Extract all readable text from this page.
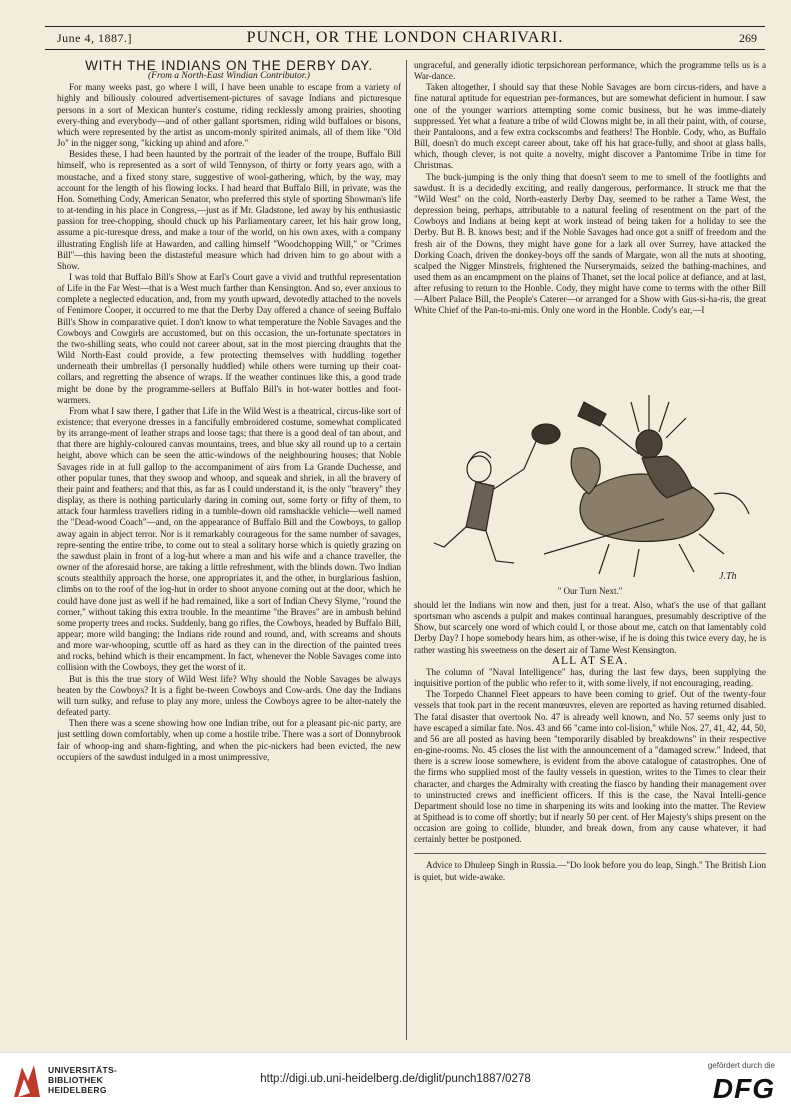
June 4, 1887.]	PUNCH, OR THE LONDON CHARIVARI.	269

WITH THE INDIANS ON THE DERBY DAY.

(From a North-East Windian Contributor.)

For many weeks past, go where I will, I have been unable to escape from a variety of highly and biliously coloured advertisement-pictures of savage Indians and picturesque persons in a sort of Mexican hunter's costume, riding recklessly among prairies, shooting every-thing and everybody—and of other gallant sportsmen, riding wild buffaloes or bisons, which were represented by the artist as uncom-monly spirited animals, all of them like "Old Jo" in the nigger song, "kicking up ahind and afore."

Besides these, I had been haunted by the portrait of the leader of the troupe, Buffalo Bill himself, who is represented as a sort of wild Tennyson, of thirty or forty years ago, with a moustache, and a fixed stony stare, suggestive of wool-gathering, which, by the way, may account for the length of his flowing locks. I had heard that Buffalo Bill, in private, was the Hon. Something Cody, American Senator, who preferred this style of sporting Showman's life to at-tending in his place in Congress,—just as if Mr. Gladstone, led away by his enthusiastic passion for tree-chopping, should chuck up his Parliamentary career, let his hair grow long, assume a pic-turesque dress, and make a tour of the world, on his own axes, with a company illustrating English life at Hawarden, and calling himself "Woodchopping Will," or "Crimes Bill"—this having been the distasteful measure which had driven him to go about with a Show.

I was told that Buffalo Bill's Show at Earl's Court gave a vivid and truthful representation of Life in the Far West—that is a West much farther than Kensington. And so, ever anxious to complete a neglected education, and, from my youth upward, devotedly attached to the novels of Fenimore Cooper, it occurred to me that the Derby Day offered a chance of seeing Buffalo Bill's Show in comparative quiet. I don't know to what temperature the Noble Savages and the Cowboys and Cowgirls are accustomed, but on this occasion, the un-fortunate spectators in the two-shilling seats, who could not career about, sat in the most piercing draughts that the Wild North-East could provide, a few protecting themselves with huddling together underneath their umbrellas (I personally huddled) while others were turning up their coat-collars, and regretting the absence of wraps. If the weather continues like this, a good trade might be done by the programme-sellers at Buffalo Bill's in hot-water bottles and foot-warmers.

From what I saw there, I gather that Life in the Wild West is a theatrical, circus-like sort of existence; that everyone dresses in a fancifully embroidered costume, somewhat complicated by its arrange-ment of leather straps and loose tags; that there is a good deal of tan about, and that there are highly-coloured canvas mountains, trees, and blue sky all round up to a certain height, above which can be seen the attic-windows of the neighbouring houses; that Noble Savages ride in at full gallop to the accompaniment of airs from La Grande Duchesse, and other popular tunes, that they swoop and whoop, and squeak and shriek, in all the bravery of their paint and feathers; and that this, as far as I could understand it, is the only "bravery" they display, as there is nothing particularly daring in coming out, some forty or fifty of them, to attack four harmless travellers riding in a tumble-down old ramshackle vehicle—well named the "Dead-wood Coach"—and, on the appearance of Buffalo Bill and the Cowboys, to gallop away again in abject terror. Nor is it remarkably courageous for the same number of savages, repre-senting the entire tribe, to come out to steal a solitary horse which is quietly grazing on the sawdust plain in front of a log-hut where a man and his wife and a chance traveller, the owner of the aforesaid horse, are taking a little refreshment, with the blinds down. Two Indian scouts stealthily approach the horse, one appropriates it, and the other, in burglarious fashion, climbs on to the roof of the log-hut in order to shoot anyone coming out at the door, which he could have done just as well if he had remained, like a sort of Indian Chevy Slyme, "round the corner," without taking this extra trouble. In the meantime "the Braves" are in ambush behind some property trees and rocks. Suddenly, bang go rifles, the Cowboys, headed by Buffalo Bill, appear; more wild banging; the Indians ride round and round, and, with screams and shouts and more war-whooping, scuttle off as hard as they can in the direction of the painted trees and rocks, behind which is their encampment. In fact, whenever the Noble Savages come into collision with the Cowboys, they get the worst of it.

But is this the true story of Wild West life? Why should the Noble Savages be always beaten by the Cowboys? It is a fight be-tween Cowboys and Cow-ards. One day the Indians will turn sulky, and refuse to play any more, unless the Cowboys agree to be alter-nately the defeated party.

Then there was a scene showing how one Indian tribe, out for a pleasant pic-nic party, are just settling down comfortably, when up come a hostile tribe. There was a sort of Donnybrook fair of whoop-ing and sham-fighting, and when the pic-nickers had been evicted, the new occupiers of the sawdust indulged in a most unimpressive,

ungraceful, and generally idiotic terpsichorean performance, which the programme tells us is a War-dance.

Taken altogether, I should say that these Noble Savages are born circus-riders, and have a fine natural aptitude for equestrian per-formances, but are somewhat deficient in humour. I saw one of the younger warriors attempting some comic business, but he was imme-diately suppressed. Yet what a feature a tribe of wild Clowns might be, in all their paint, with, of course, their Pantaloons, and a few extra cockscombs and feathers! The Honble. Cody, who, as Buffalo Bill, doesn't do much except career about, take off his hat grace-fully, and shoot at glass balls, which, though clever, is not quite a novelty, might discover a Pantomime Tribe in time for Christmas.

The buck-jumping is the only thing that doesn't seem to me to smell of the footlights and sawdust. It is a decidedly exciting, and really dangerous, performance. It struck me that the "Wild West" on the cold, North-easterly Derby Day, seemed to be rather a Tame West, the depression being, perhaps, attributable to a natural feeling of resentment on the part of the Cowboys and Indians at being kept at work instead of being taken for a holiday to see the Derby. But B. B. knows best; and if the Noble Savages had once got a sniff of freedom and the fresh air of the Downs, they might have gone for a lark all over Surrey, have attacked the Dorking Coach, driven the donkey-boys off the sands of Margate, won all the nuts at shooting, scalped the Nigger Minstrels, frightened the Nurserymaids, seized the bathing-machines, and used them as an encampment on the plains of Thanet, set the local police at defiance, and at last, after refusing to return to the Honble. Cody, they might have come to terms with the other Bill—Albert Palace Bill, the People's Caterer—or arranged for a Show with Gus-si-ha-ris, the great White Chief of the Pan-to-mi-mis. Only one word in the Honble. Cody's ear,—I

J.Th
" Our Turn Next."

should let the Indians win now and then, just for a treat. Also, what's the use of that gallant sportsman who ascends a pulpit and makes continual harangues, presumably descriptive of the Show, but scarcely one word of which could I, or those about me, catch on that lamentably cold Derby Day? I hope somebody hears him, as other-wise, if he is doing this twice every day, he is rather wasting his sweetness on the desert air of Tame West Kensington.

ALL AT SEA.

The column of "Naval Intelligence" has, during the last few days, been supplying the inquisitive portion of the public who refer to it, with some lively, if not encouraging, reading.

The Torpedo Channel Fleet appears to have been coming to grief. Out of the twenty-four vessels that took part in the recent manœuvres, eleven are reported as having returned disabled. The fatal disaster that overtook No. 47 is already well known, and No. 57 seems only just to have escaped a similar fate. Nos. 43 and 66 "came into col-lision," while Nos. 27, 41, 42, 44, 50, and 56 are all posted as having been "temporarily disabled by breakdowns" in their respective en-gine-rooms. No. 45 closes the list with the announcement of a "damaged screw." Indeed, that there is a screw loose somewhere, is evident from the above catalogue of catastrophes. One of the firms who supplied most of the faulty vessels in question, writes to the Times to clear their character, and charges the Admiralty with creating the fiasco by handing their management over to uninstructed crews and inefficient officers. If this is the case, the Naval Intelli-gence Department should lose no time in sharpening its wits and looking into the matter. The Review at Spithead is to come off shortly; but if nearly 50 per cent. of Her Majesty's ships present on the occasion are going to collide, blunder, and break down, from any cause whatever, it had certainly better be postponed.

Advice to Dhuleep Singh in Russia.—"Do look before you do leap, Singh." The British Lion is quiet, but wide-awake.

UNIVERSITÄTS-
BIBLIOTHEK
HEIDELBERG
http://digi.ub.uni-heidelberg.de/diglit/punch1887/0278
gefördert durch die
DFG
